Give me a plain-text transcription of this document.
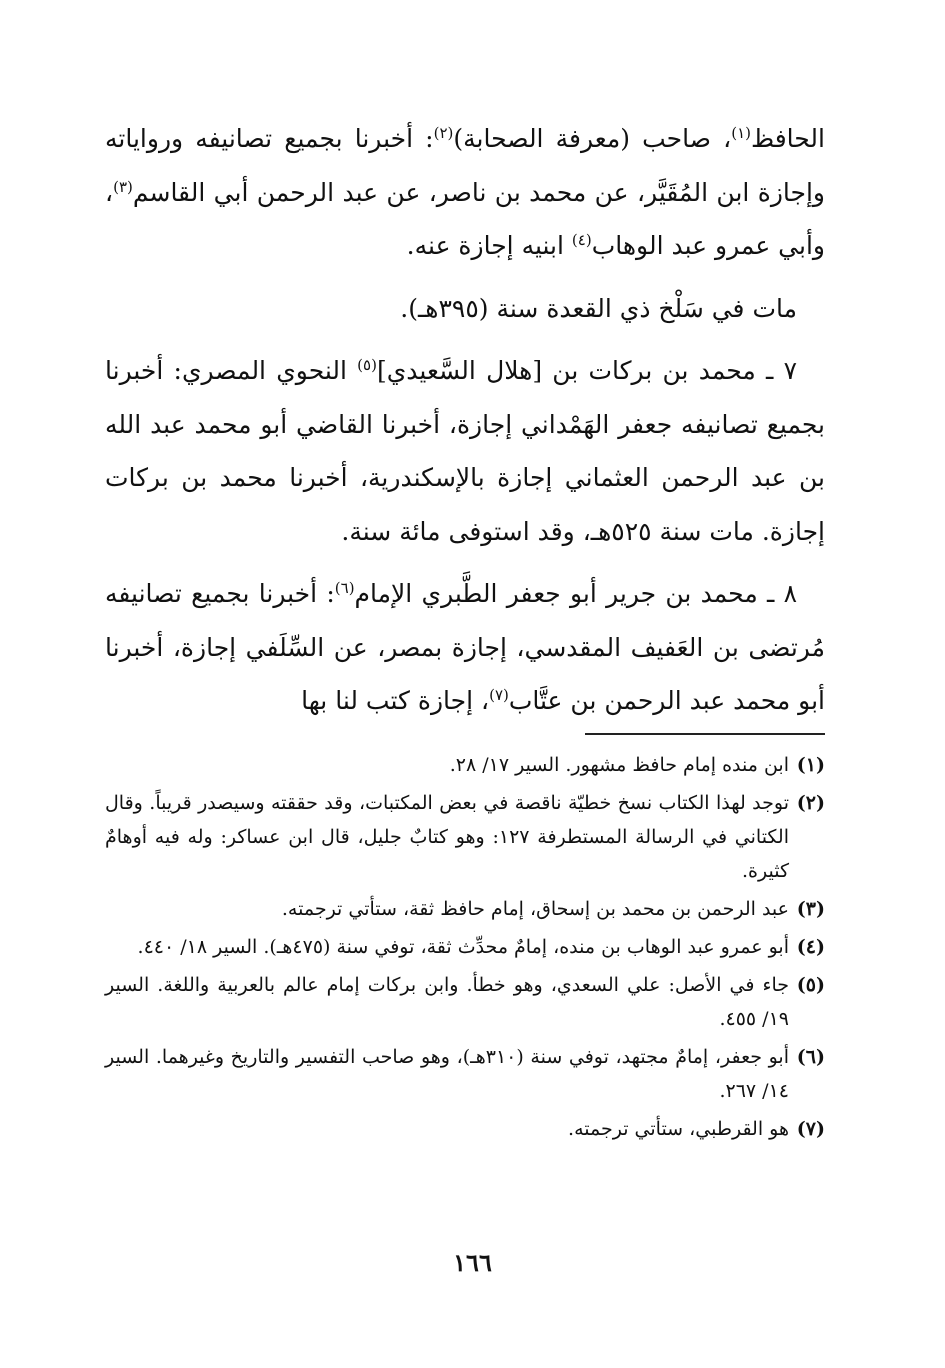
الحافظ$^{(١)}$، صاحب (معرفة الصحابة)$^{(٢)}$: أخبرنا بجميع تصانيفه ورواياته وإجازة ابن المُقَيَّر، عن محمد بن ناصر، عن عبد الرحمن أبي القاسم$^{(٣)}$، وأبي عمرو عبد الوهاب$^{(٤)}$ ابنيه إجازة عنه.

مات في سَلْخ ذي القعدة سنة (٣٩٥هـ).

٧ ـ محمد بن بركات بن [هلال السَّعيدي]$^{(٥)}$ النحوي المصري: أخبرنا بجميع تصانيفه جعفر الهَمْداني إجازة، أخبرنا القاضي أبو محمد عبد الله بن عبد الرحمن العثماني إجازة بالإسكندرية، أخبرنا محمد بن بركات إجازة. مات سنة ٥٢٥هـ، وقد استوفى مائة سنة.

٨ ـ محمد بن جرير أبو جعفر الطَّبري الإمام$^{(٦)}$: أخبرنا بجميع تصانيفه مُرتضى بن العَفيف المقدسي، إجازة بمصر، عن السِّلَفي إجازة، أخبرنا أبو محمد عبد الرحمن بن عتَّاب$^{(٧)}$، إجازة كتب لنا بها

(١)
ابن منده إمام حافظ مشهور. السير ١٧/ ٢٨.
(٢)
توجد لهذا الكتاب نسخ خطيّة ناقصة في بعض المكتبات، وقد حققته وسيصدر قريباً. وقال الكتاني في الرسالة المستطرفة ١٢٧: وهو كتابٌ جليل، قال ابن عساكر: وله فيه أوهامٌ كثيرة.
(٣)
عبد الرحمن بن محمد بن إسحاق، إمام حافظ ثقة، ستأتي ترجمته.
(٤)
أبو عمرو عبد الوهاب بن منده، إمامٌ محدِّث ثقة، توفي سنة (٤٧٥هـ). السير ١٨/ ٤٤٠.
(٥)
جاء في الأصل: علي السعدي، وهو خطأ. وابن بركات إمام عالم بالعربية واللغة. السير ١٩/ ٤٥٥.
(٦)
أبو جعفر، إمامٌ مجتهد، توفي سنة (٣١٠هـ)، وهو صاحب التفسير والتاريخ وغيرهما. السير ١٤/ ٢٦٧.
(٧)
هو القرطبي، ستأتي ترجمته.
١٦٦
